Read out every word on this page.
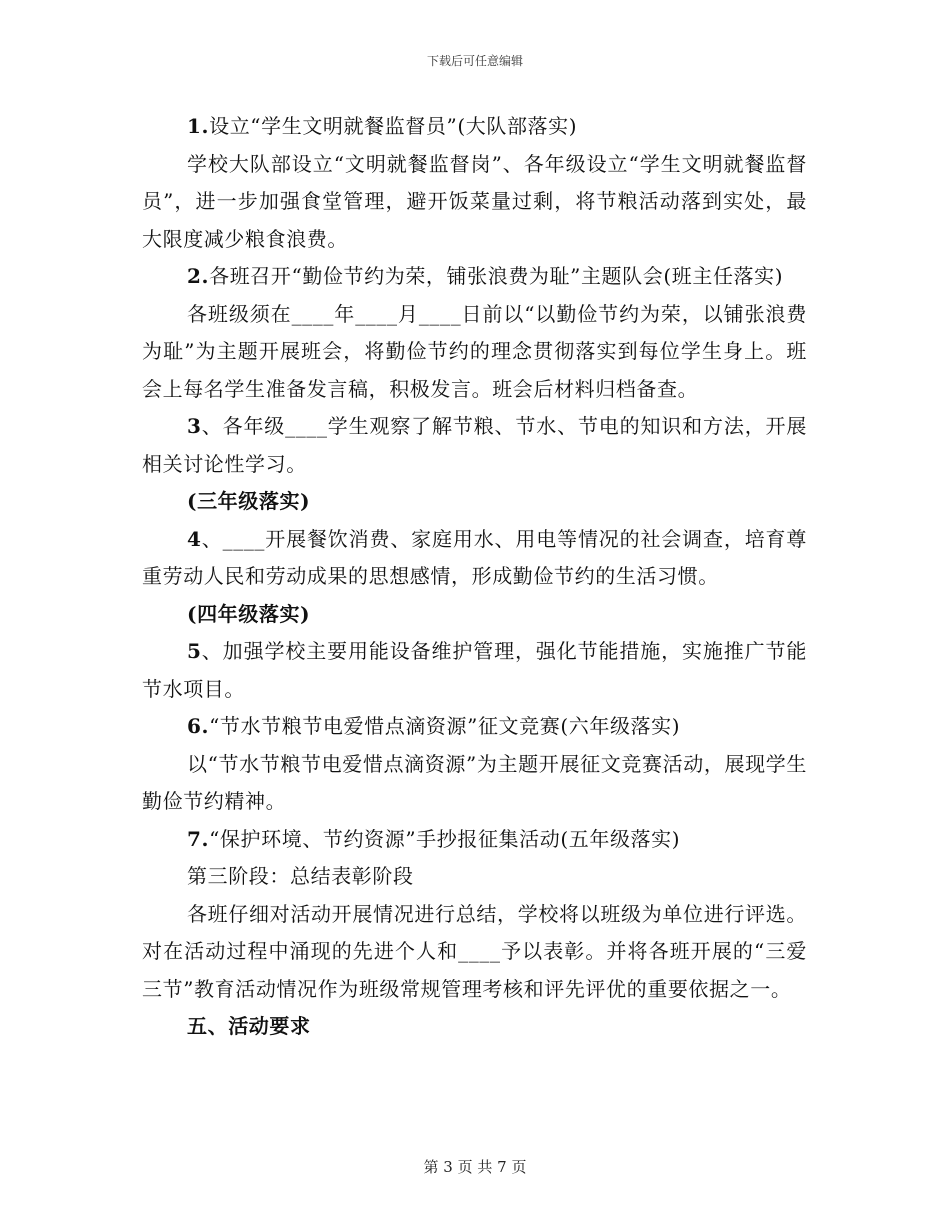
下载后可任意编辑

1.设立“学生文明就餐监督员”(大队部落实)

学校大队部设立“文明就餐监督岗”、各年级设立“学生文明就餐监督员”，进一步加强食堂管理，避开饭菜量过剩，将节粮活动落到实处，最大限度减少粮食浪费。

2.各班召开“勤俭节约为荣，铺张浪费为耻”主题队会(班主任落实)

各班级须在____年____月____日前以“以勤俭节约为荣，以铺张浪费为耻”为主题开展班会，将勤俭节约的理念贯彻落实到每位学生身上。班会上每名学生准备发言稿，积极发言。班会后材料归档备查。

3、各年级____学生观察了解节粮、节水、节电的知识和方法，开展相关讨论性学习。

(三年级落实)

4、____开展餐饮消费、家庭用水、用电等情况的社会调查，培育尊重劳动人民和劳动成果的思想感情，形成勤俭节约的生活习惯。

(四年级落实)

5、加强学校主要用能设备维护管理，强化节能措施，实施推广节能节水项目。

6.“节水节粮节电爱惜点滴资源”征文竞赛(六年级落实)

以“节水节粮节电爱惜点滴资源”为主题开展征文竞赛活动，展现学生勤俭节约精神。

7.“保护环境、节约资源”手抄报征集活动(五年级落实)

第三阶段：总结表彰阶段

各班仔细对活动开展情况进行总结，学校将以班级为单位进行评选。对在活动过程中涌现的先进个人和____予以表彰。并将各班开展的“三爱三节”教育活动情况作为班级常规管理考核和评先评优的重要依据之一。

五、活动要求

第 3 页 共 7 页
